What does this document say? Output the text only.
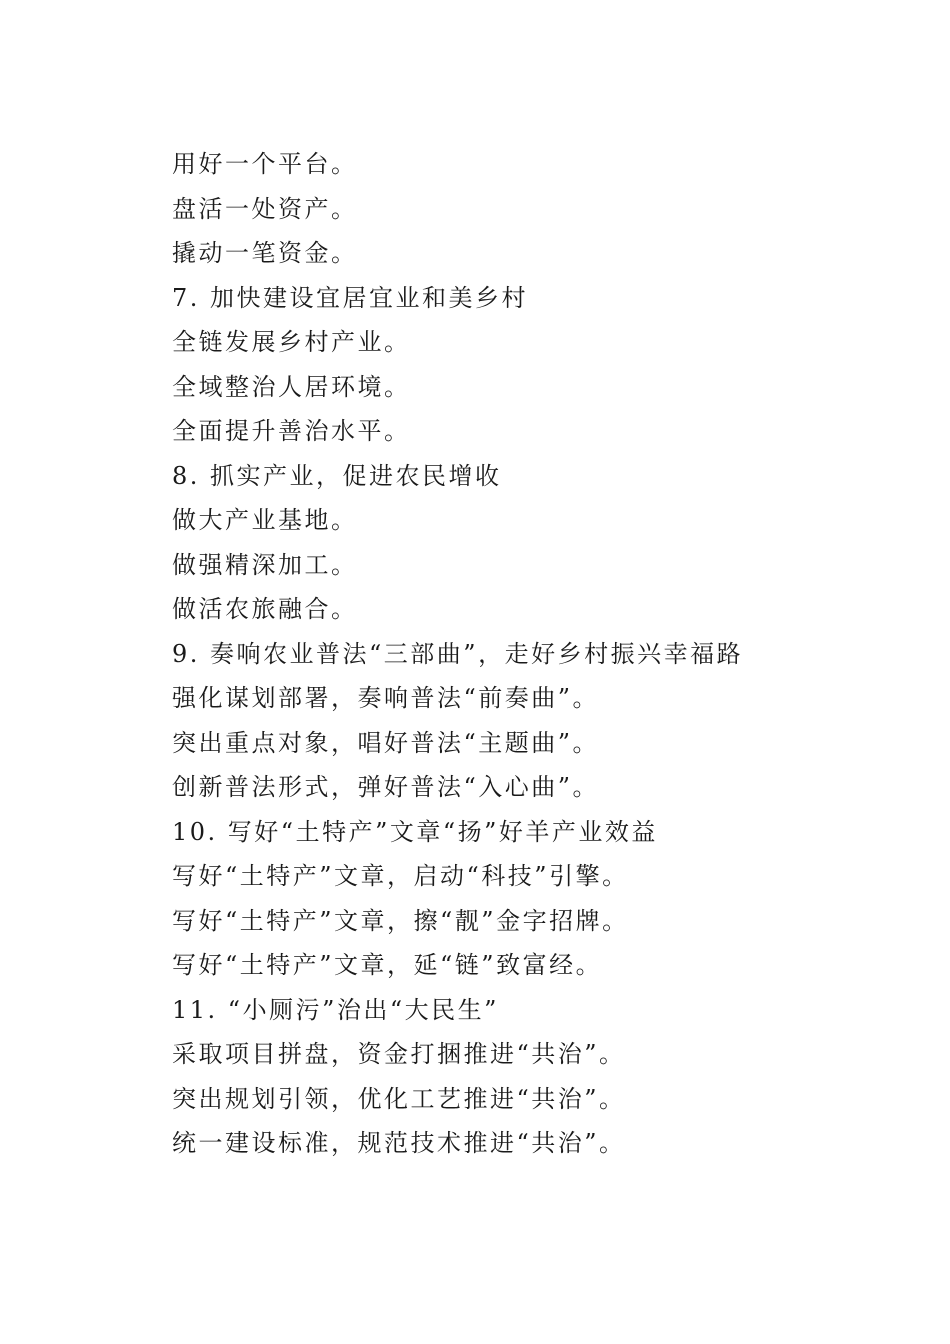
用好一个平台。
盘活一处资产。
撬动一笔资金。
7. 加快建设宜居宜业和美乡村
全链发展乡村产业。
全域整治人居环境。
全面提升善治水平。
8. 抓实产业，促进农民增收
做大产业基地。
做强精深加工。
做活农旅融合。
9. 奏响农业普法“三部曲”，走好乡村振兴幸福路
强化谋划部署，奏响普法“前奏曲”。
突出重点对象，唱好普法“主题曲”。
创新普法形式，弹好普法“入心曲”。
10. 写好“土特产”文章“扬”好羊产业效益
写好“土特产”文章，启动“科技”引擎。
写好“土特产”文章，擦“靓”金字招牌。
写好“土特产”文章，延“链”致富经。
11. “小厕污”治出“大民生”
采取项目拼盘，资金打捆推进“共治”。
突出规划引领，优化工艺推进“共治”。
统一建设标准，规范技术推进“共治”。
